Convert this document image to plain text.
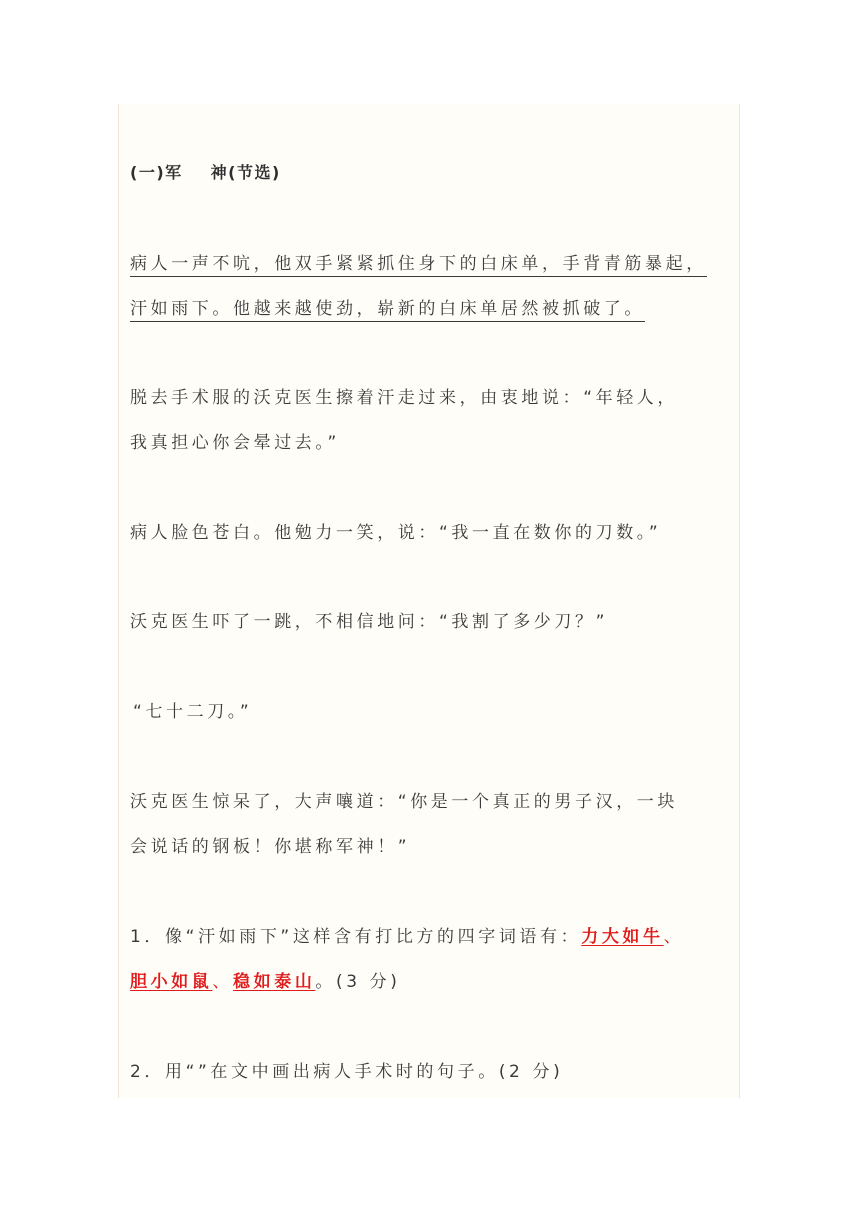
(一)军 神(节选)

病人一声不吭，他双手紧紧抓住身下的白床单，手背青筋暴起，

汗如雨下。他越来越使劲，崭新的白床单居然被抓破了。

脱去手术服的沃克医生擦着汗走过来，由衷地说：“年轻人，

我真担心你会晕过去。”

病人脸色苍白。他勉力一笑，说：“我一直在数你的刀数。”

沃克医生吓了一跳，不相信地问：“我割了多少刀？”

“七十二刀。”

沃克医生惊呆了，大声嚷道：“你是一个真正的男子汉，一块

会说话的钢板！你堪称军神！”

1．像“汗如雨下”这样含有打比方的四字词语有：力大如牛、

胆小如鼠、稳如泰山。(3 分)

2．用“”在文中画出病人手术时的句子。(2 分)
